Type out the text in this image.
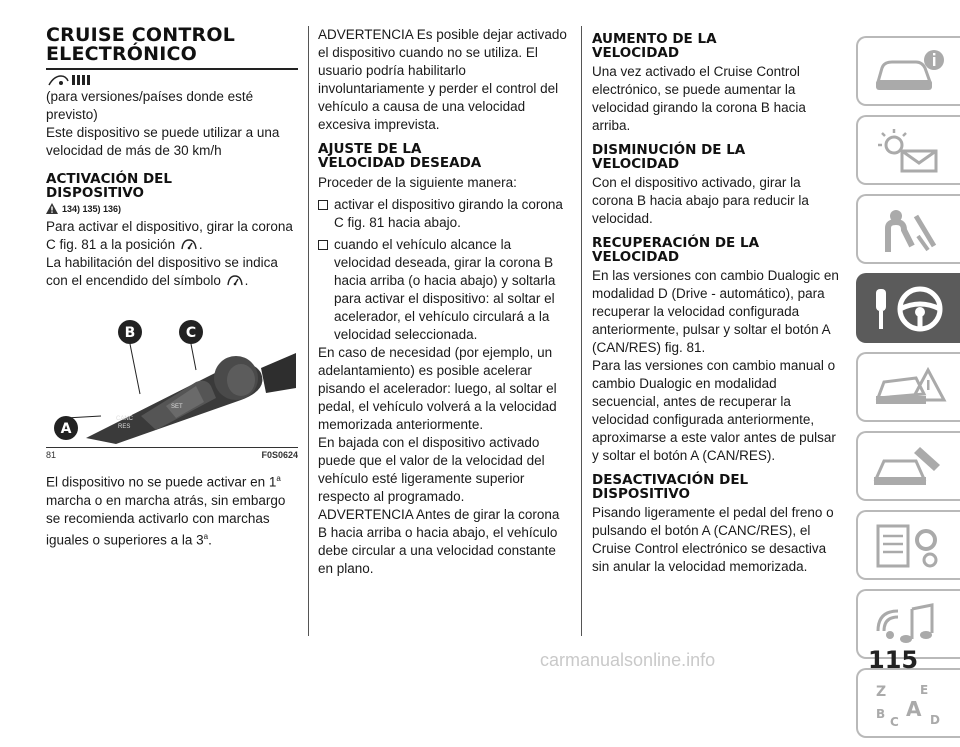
CRUISE CONTROL
ELECTRÓNICO

(para versiones/países donde esté previsto)

Este dispositivo se puede utilizar a una velocidad de más de 30 km/h

ACTIVACIÓN DEL
DISPOSITIVO
134) 135) 136)

Para activar el dispositivo, girar la corona C fig. 81 a la posición .

La habilitación del dispositivo se indica con el encendido del símbolo .

CANC
RES
SET
B	C
A
81	F0S0624

El dispositivo no se puede activar en 1$^a$ marcha o en marcha atrás, sin embargo se recomienda activarlo con marchas iguales o superiores a la 3$^a$.

ADVERTENCIA Es posible dejar activado el dispositivo cuando no se utiliza. El usuario podría habilitarlo involuntariamente y perder el control del vehículo a causa de una velocidad excesiva imprevista.

AJUSTE DE LA
VELOCIDAD DESEADA

Proceder de la siguiente manera:

activar el dispositivo girando la corona C fig. 81 hacia abajo.

cuando el vehículo alcance la velocidad deseada, girar la corona B hacia arriba (o hacia abajo) y soltarla para activar el dispositivo: al soltar el acelerador, el vehículo circulará a la velocidad seleccionada.

En caso de necesidad (por ejemplo, un adelantamiento) es posible acelerar pisando el acelerador: luego, al soltar el pedal, el vehículo volverá a la velocidad memorizada anteriormente.

En bajada con el dispositivo activado puede que el valor de la velocidad del vehículo esté ligeramente superior respecto al programado.

ADVERTENCIA Antes de girar la corona B hacia arriba o hacia abajo, el vehículo debe circular a una velocidad constante en plano.

AUMENTO DE LA
VELOCIDAD

Una vez activado el Cruise Control electrónico, se puede aumentar la velocidad girando la corona B hacia arriba.

DISMINUCIÓN DE LA
VELOCIDAD

Con el dispositivo activado, girar la corona B hacia abajo para reducir la velocidad.

RECUPERACIÓN DE LA
VELOCIDAD

En las versiones con cambio Dualogic en modalidad D (Drive - automático), para recuperar la velocidad configurada anteriormente, pulsar y soltar el botón A (CAN/RES) fig. 81.

Para las versiones con cambio manual o cambio Dualogic en modalidad secuencial, antes de recuperar la velocidad configurada anteriormente, aproximarse a este valor antes de pulsar y soltar el botón A (CAN/RES).

DESACTIVACIÓN DEL
DISPOSITIVO

Pisando ligeramente el pedal del freno o pulsando el botón A (CANC/RES), el Cruise Control electrónico se desactiva sin anular la velocidad memorizada.

Z	E
A
B
C	D
carmanualsonline.info	115
